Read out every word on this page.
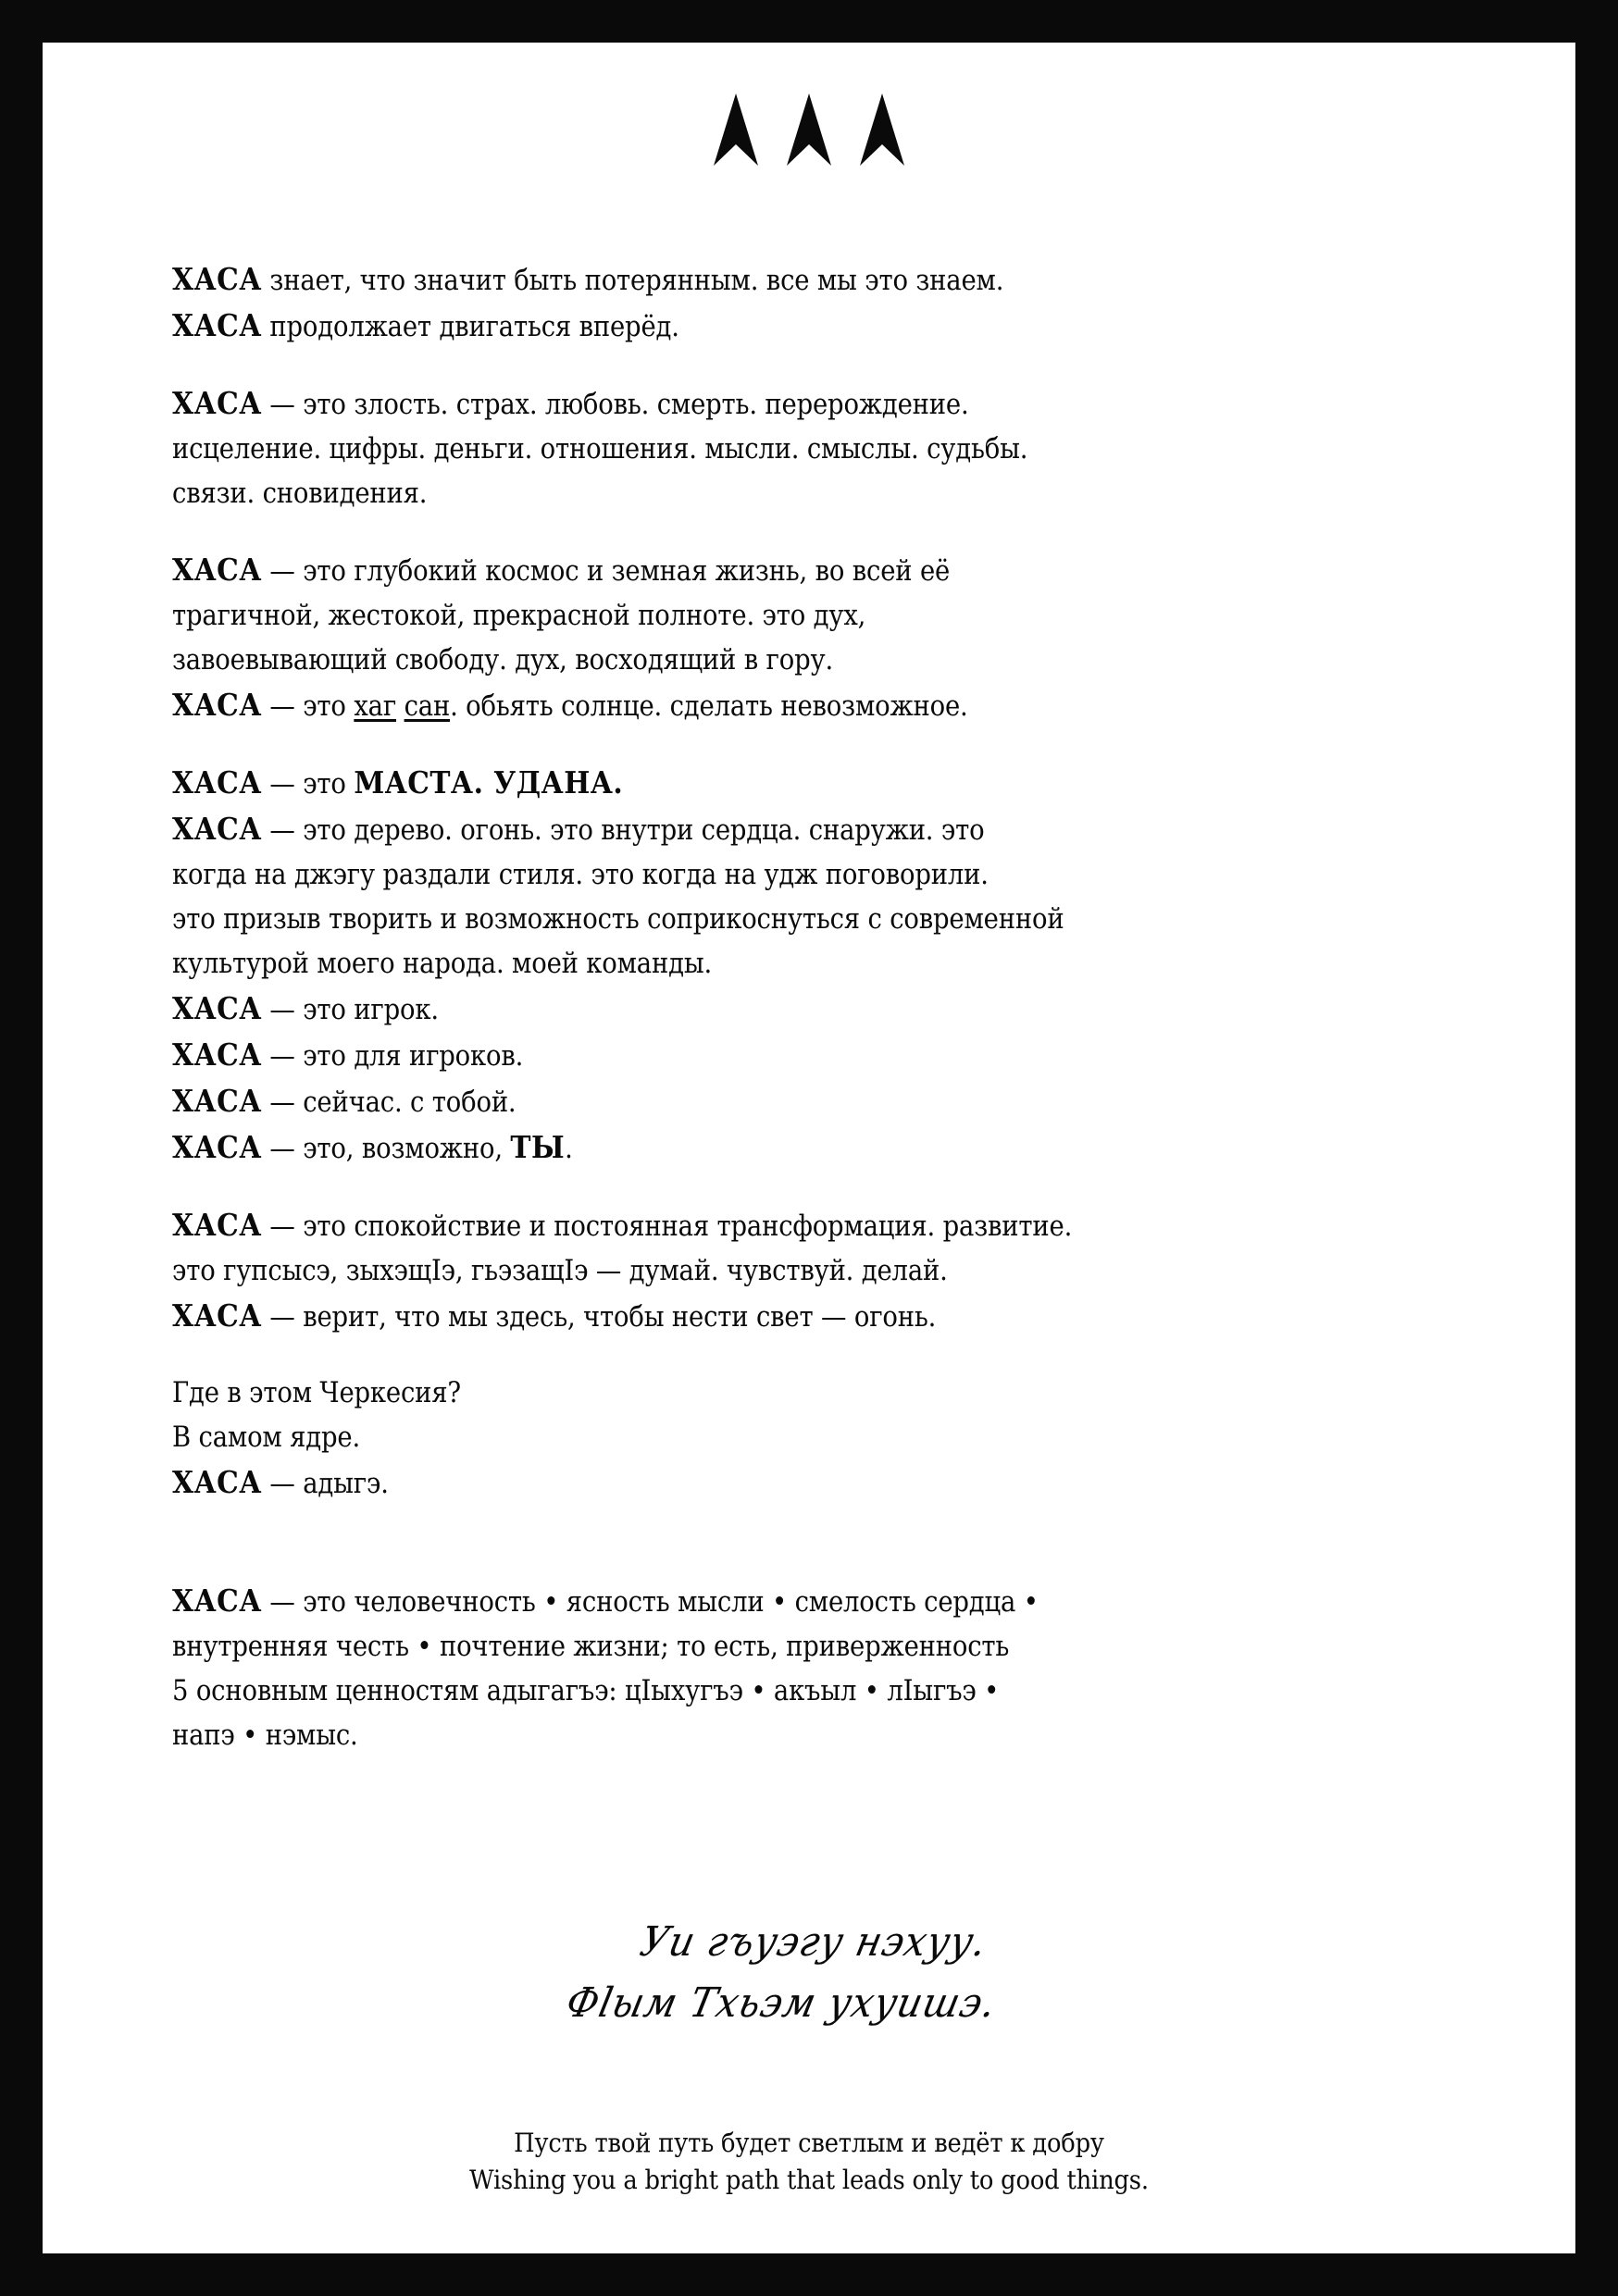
ХАСА знает, что значит быть потерянным. все мы это знаем.
ХАСА продолжает двигаться вперёд.
ХАСА — это злость. страх. любовь. смерть. перерождение.
исцеление. цифры. деньги. отношения. мысли. смыслы. судьбы.
связи. сновидения.
ХАСА — это глубокий космос и земная жизнь, во всей её
трагичной, жестокой, прекрасной полноте. это дух,
завоевывающий свободу. дух, восходящий в гору.
ХАСА — это хаг сан. обьять солнце. сделать невозможное.
ХАСА — это МАСТА. УДАНА.
ХАСА — это дерево. огонь. это внутри сердца. снаружи. это
когда на джэгу раздали стиля. это когда на удж поговорили.
это призыв творить и возможность соприкоснуться с современной
культурой моего народа. моей команды.
ХАСА — это игрок.
ХАСА — это для игроков.
ХАСА — сейчас. с тобой.
ХАСА — это, возможно, ТЫ.
ХАСА — это спокойствие и постоянная трансформация. развитие.
это гупсысэ, зыхэщIэ, гьэзащIэ — думай. чувствуй. делай.
ХАСА — верит, что мы здесь, чтобы нести свет — огонь.
Где в этом Черкесия?
В самом ядре.
ХАСА — адыгэ.
ХАСА — это человечность • ясность мысли • смелость сердца •
внутренняя честь • почтение жизни; то есть, приверженность
5 основным ценностям адыгагъэ: цIыхугъэ • акъыл • лIыгъэ •
напэ • нэмыс.
Уи гъуэгу нэхуу.
Фlым Тхьэм ухуишэ.
Пусть твой путь будет светлым и ведёт к добру
Wishing you a bright path that leads only to good things.
